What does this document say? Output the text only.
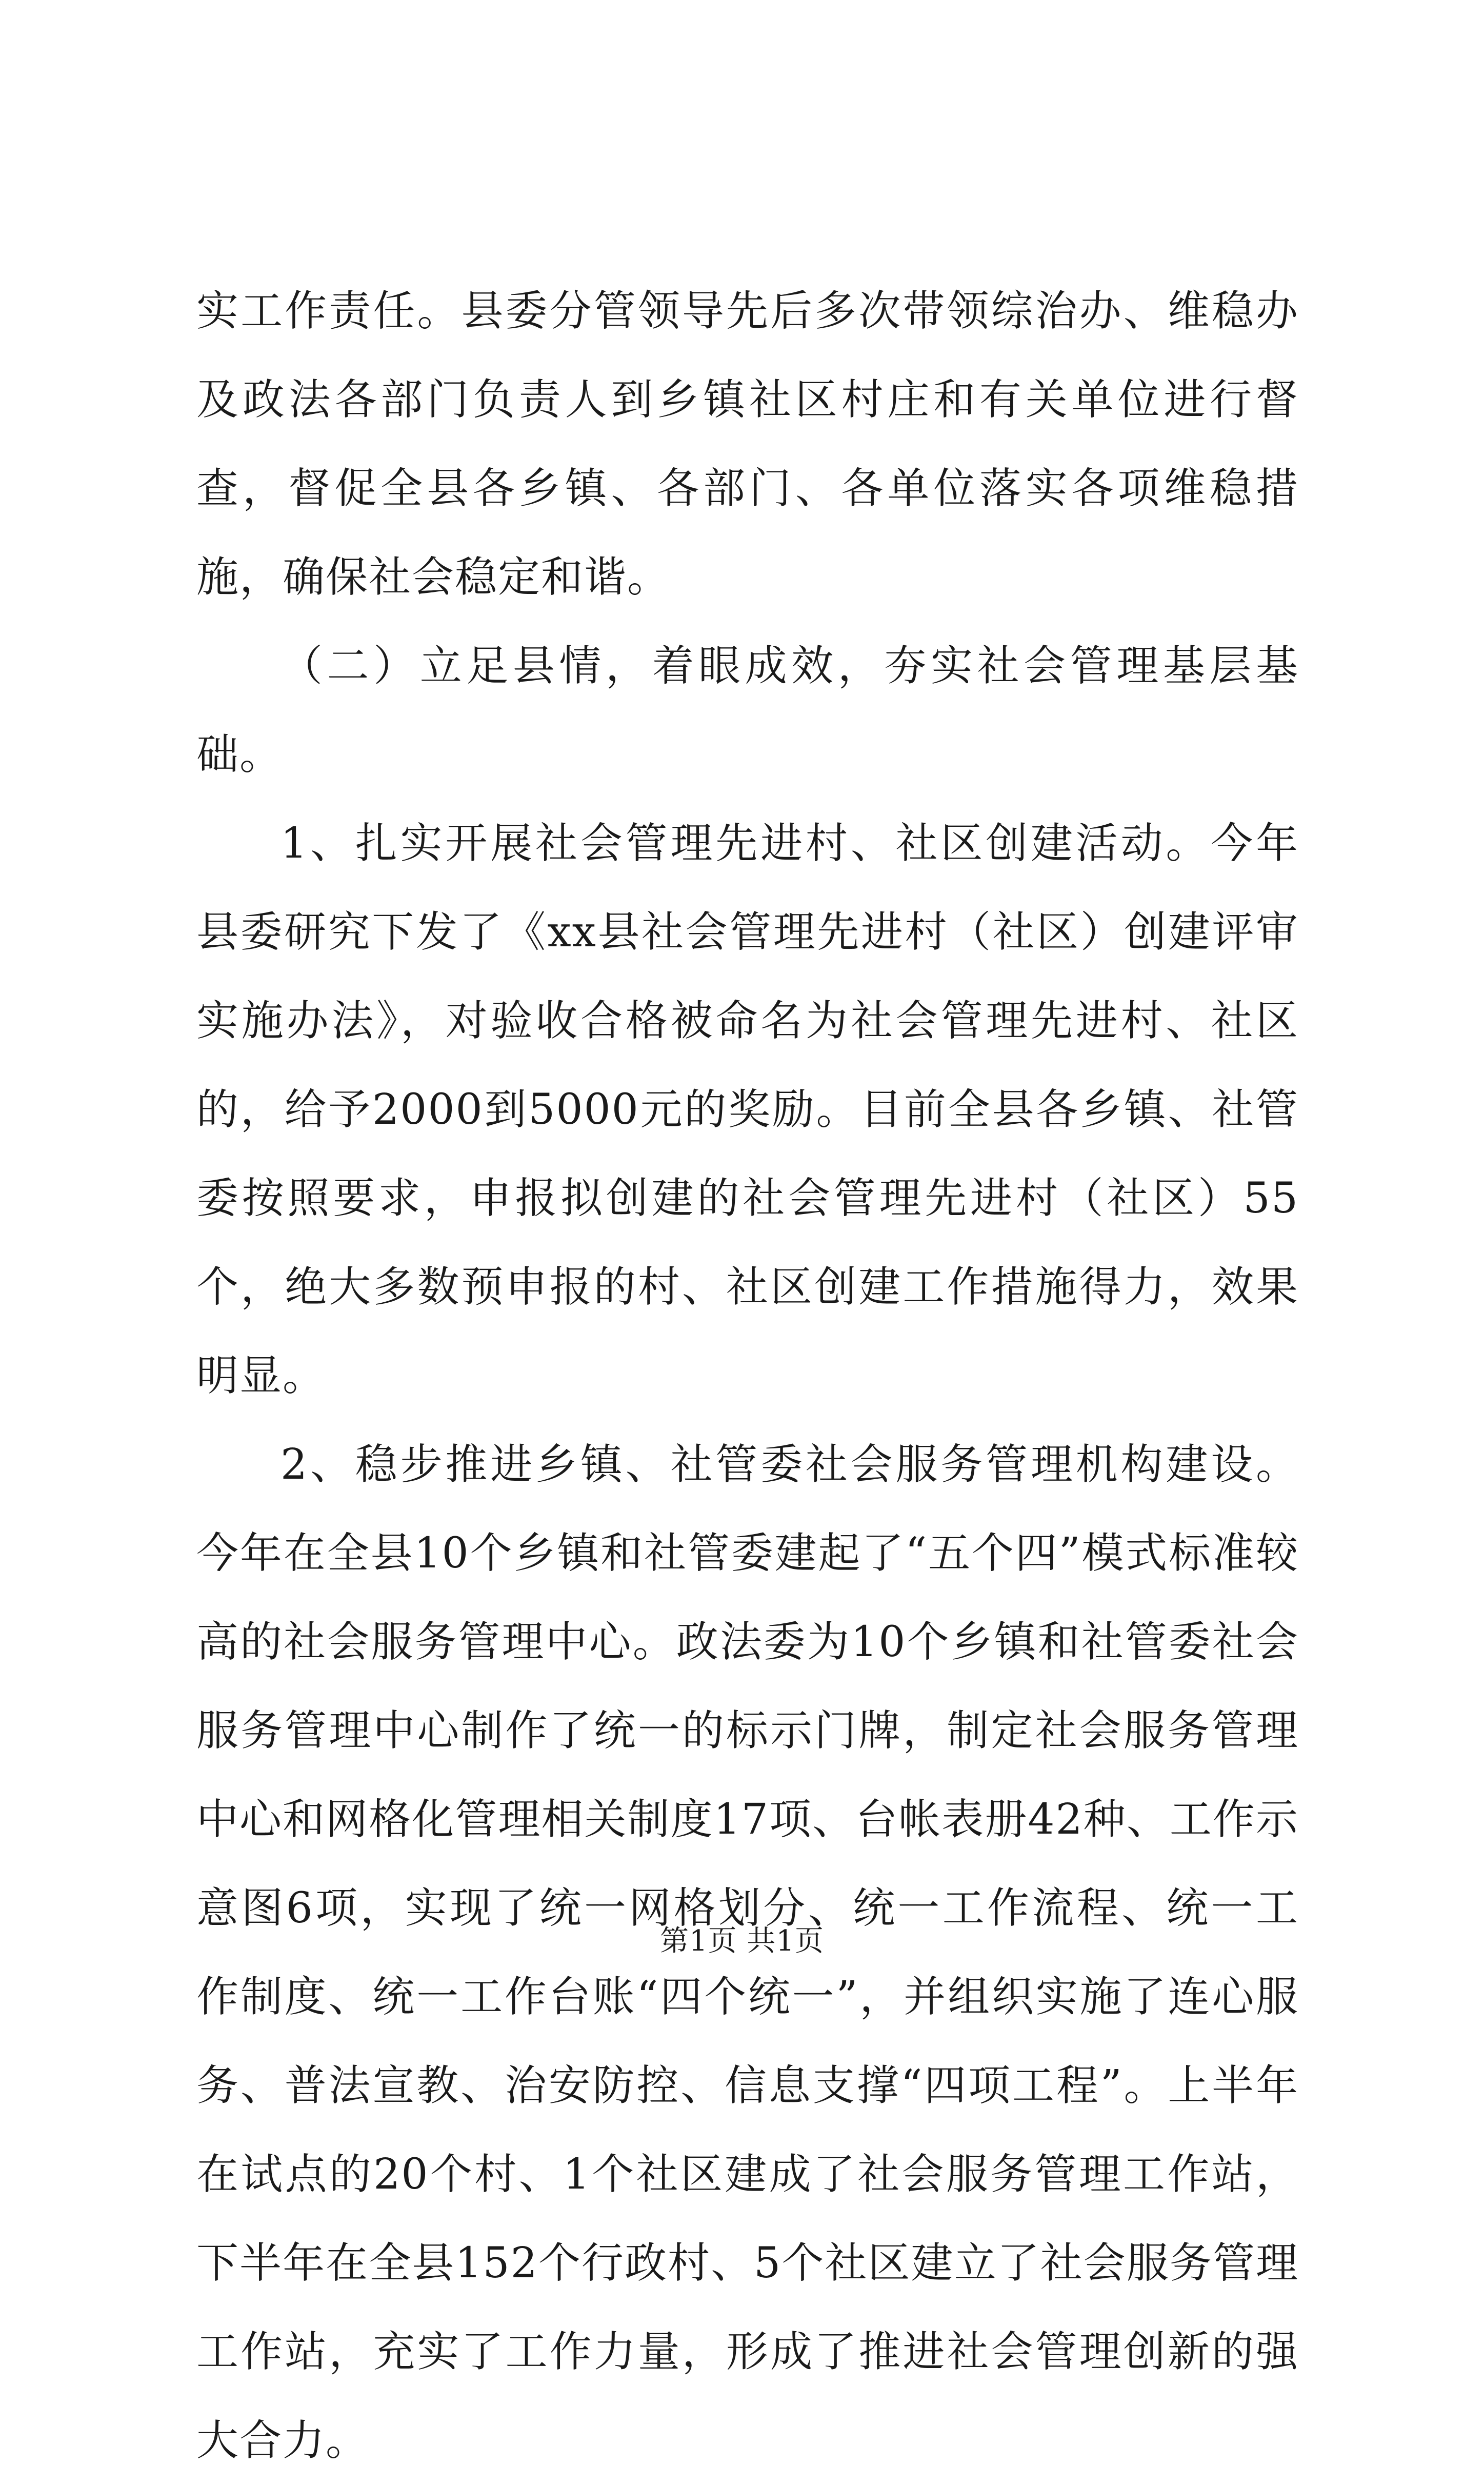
实工作责任。县委分管领导先后多次带领综治办、维稳办及政法各部门负责人到乡镇社区村庄和有关单位进行督查，督促全县各乡镇、各部门、各单位落实各项维稳措施，确保社会稳定和谐。

（二）立足县情，着眼成效，夯实社会管理基层基础。

1、扎实开展社会管理先进村、社区创建活动。今年县委研究下发了《xx县社会管理先进村（社区）创建评审实施办法》，对验收合格被命名为社会管理先进村、社区的，给予2000到5000元的奖励。目前全县各乡镇、社管委按照要求，申报拟创建的社会管理先进村（社区）55个，绝大多数预申报的村、社区创建工作措施得力，效果明显。

2、稳步推进乡镇、社管委社会服务管理机构建设。今年在全县10个乡镇和社管委建起了“五个四”模式标准较高的社会服务管理中心。政法委为10个乡镇和社管委社会服务管理中心制作了统一的标示门牌，制定社会服务管理中心和网格化管理相关制度17项、台帐表册42种、工作示意图6项，实现了统一网格划分、统一工作流程、统一工作制度、统一工作台账“四个统一”，并组织实施了连心服务、普法宣教、治安防控、信息支撑“四项工程”。上半年在试点的20个村、1个社区建成了社会服务管理工作站，下半年在全县152个行政村、5个社区建立了社会服务管理工作站，充实了工作力量，形成了推进社会管理创新的强大合力。

第1页 共1页
